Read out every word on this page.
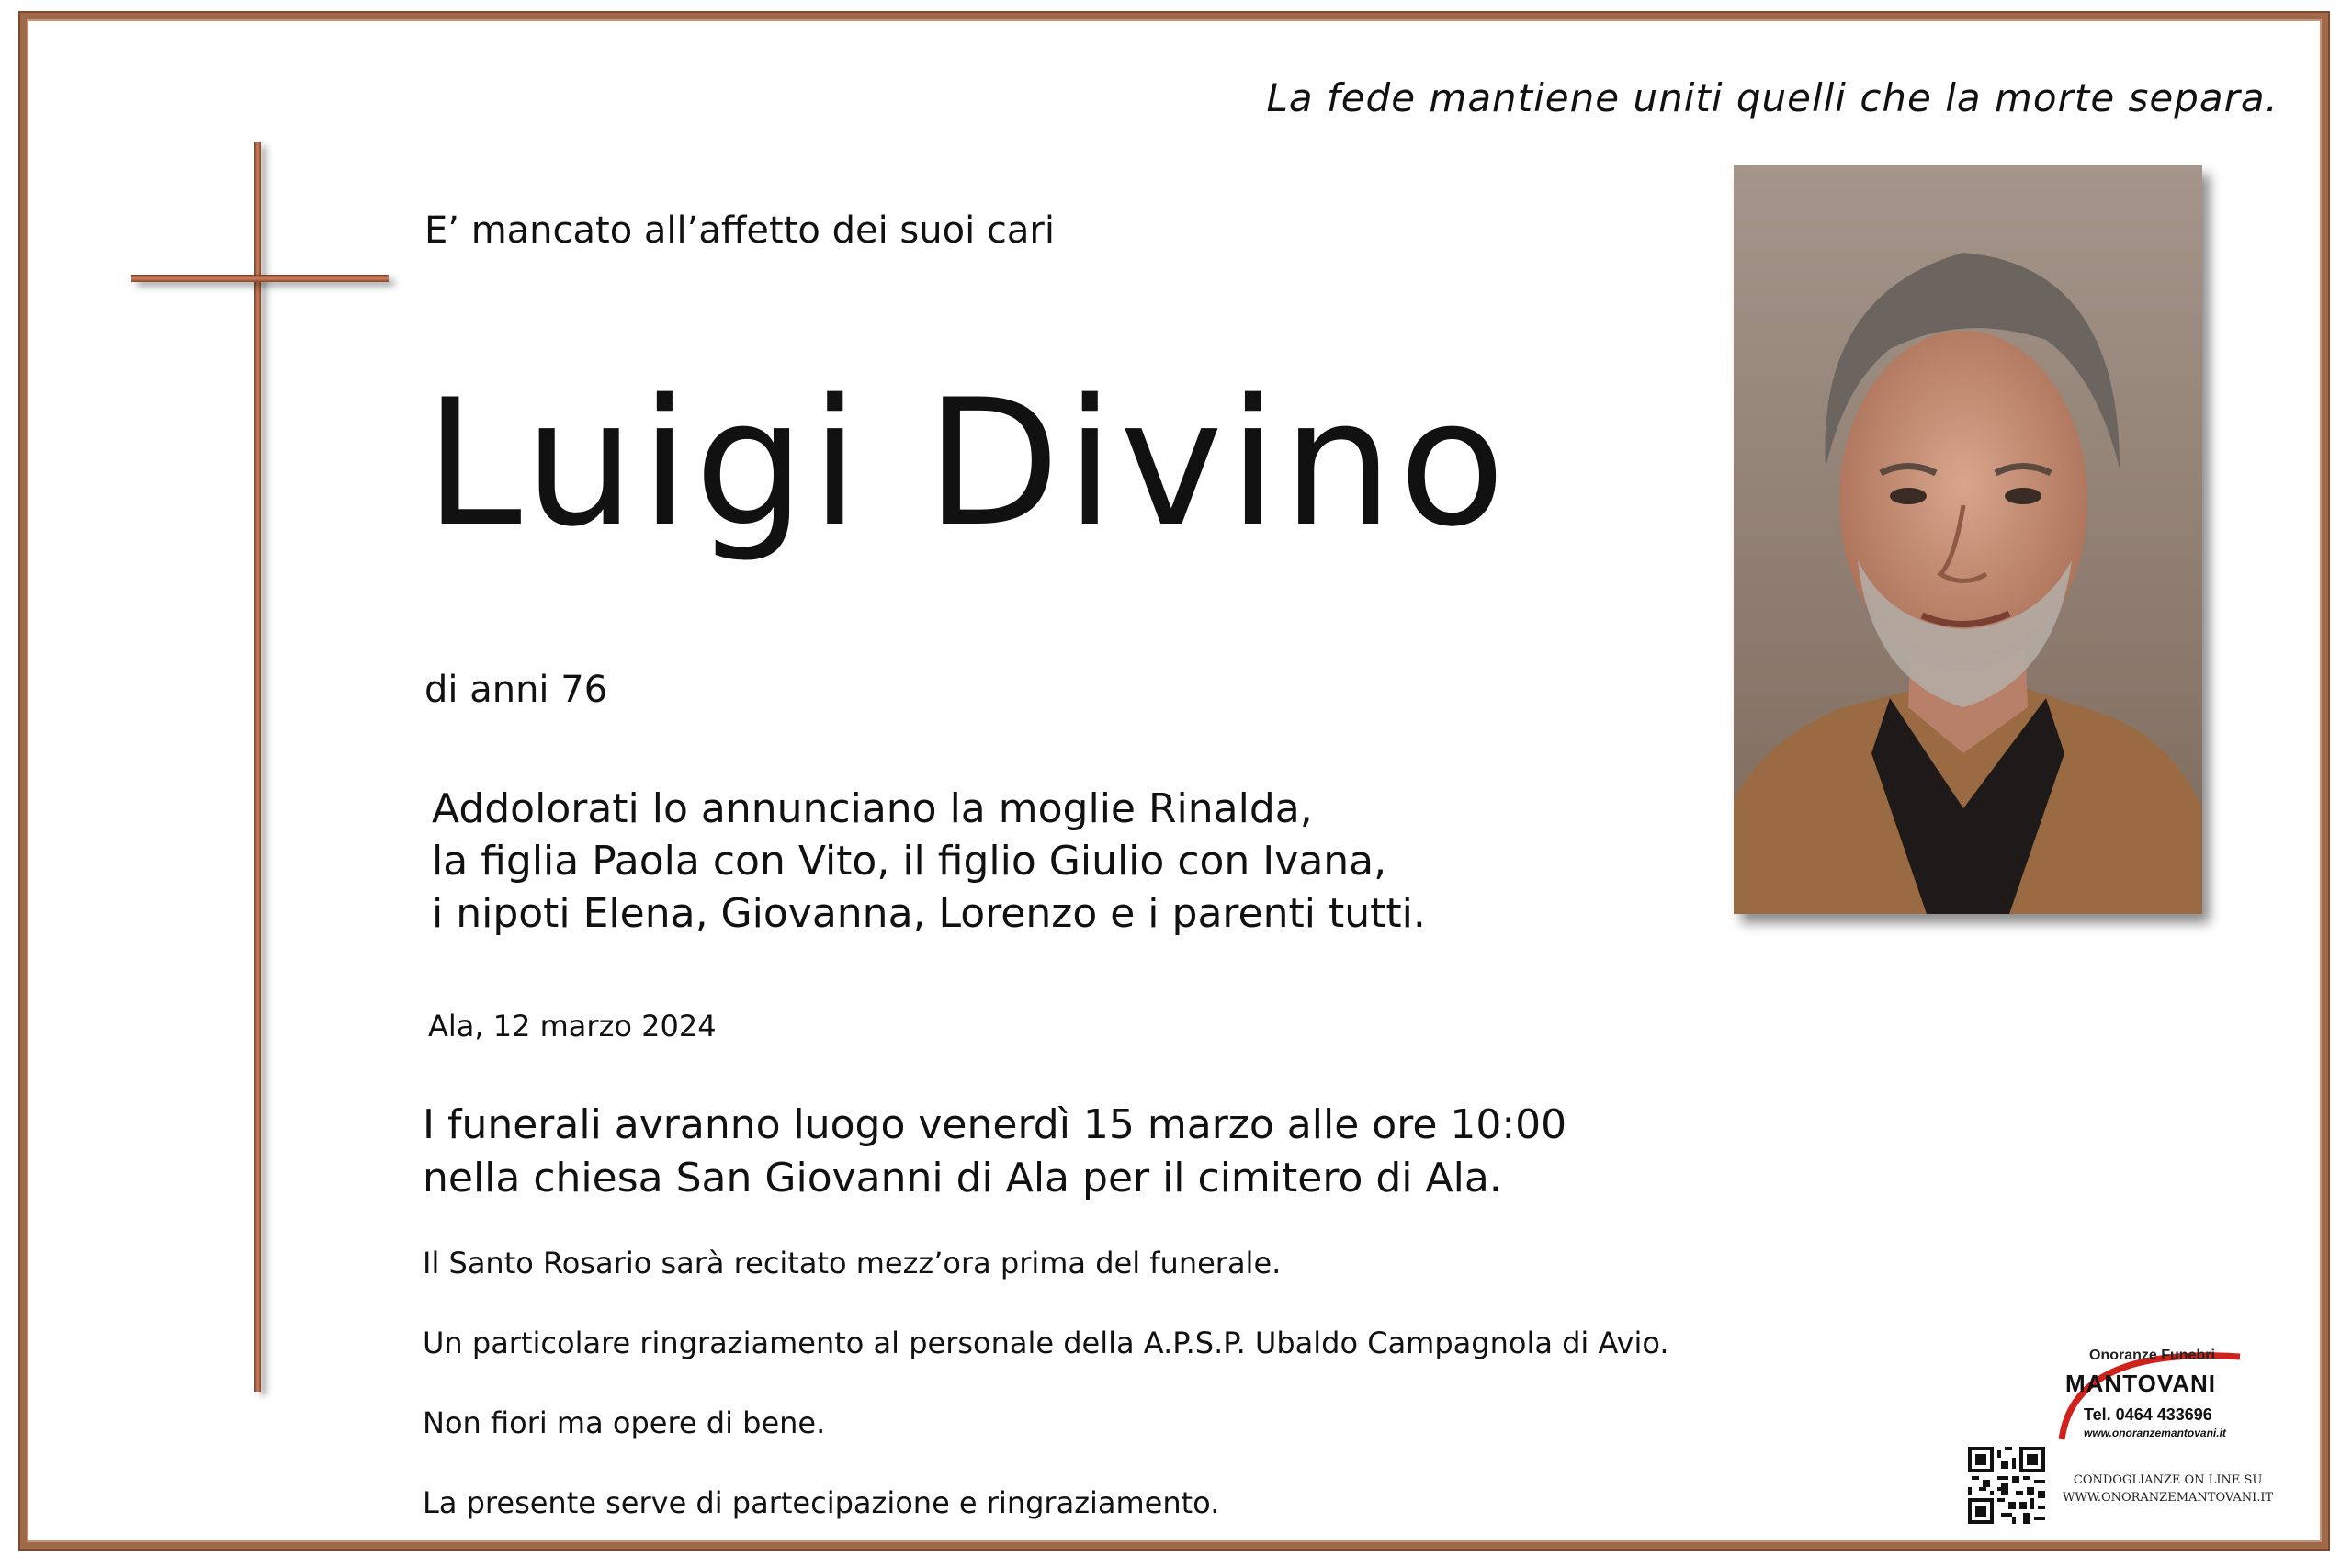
La fede mantiene uniti quelli che la morte separa.
E’ mancato all’affetto dei suoi cari
Luigi Divino
di anni 76
Addolorati lo annunciano la moglie Rinalda,
la figlia Paola con Vito, il figlio Giulio con Ivana,
i nipoti Elena, Giovanna, Lorenzo e i parenti tutti.
Ala, 12 marzo 2024
I funerali avranno luogo venerdì 15 marzo alle ore 10:00
nella chiesa San Giovanni di Ala per il cimitero di Ala.
Il Santo Rosario sarà recitato mezz’ora prima del funerale.
Un particolare ringraziamento al personale della A.P.S.P. Ubaldo Campagnola di Avio.
Non fiori ma opere di bene.
La presente serve di partecipazione e ringraziamento.
Onoranze Funebri
MANTOVANI
Tel. 0464 433696
www.onoranzemantovani.it
CONDOGLIANZE ON LINE SU
WWW.ONORANZEMANTOVANI.IT
